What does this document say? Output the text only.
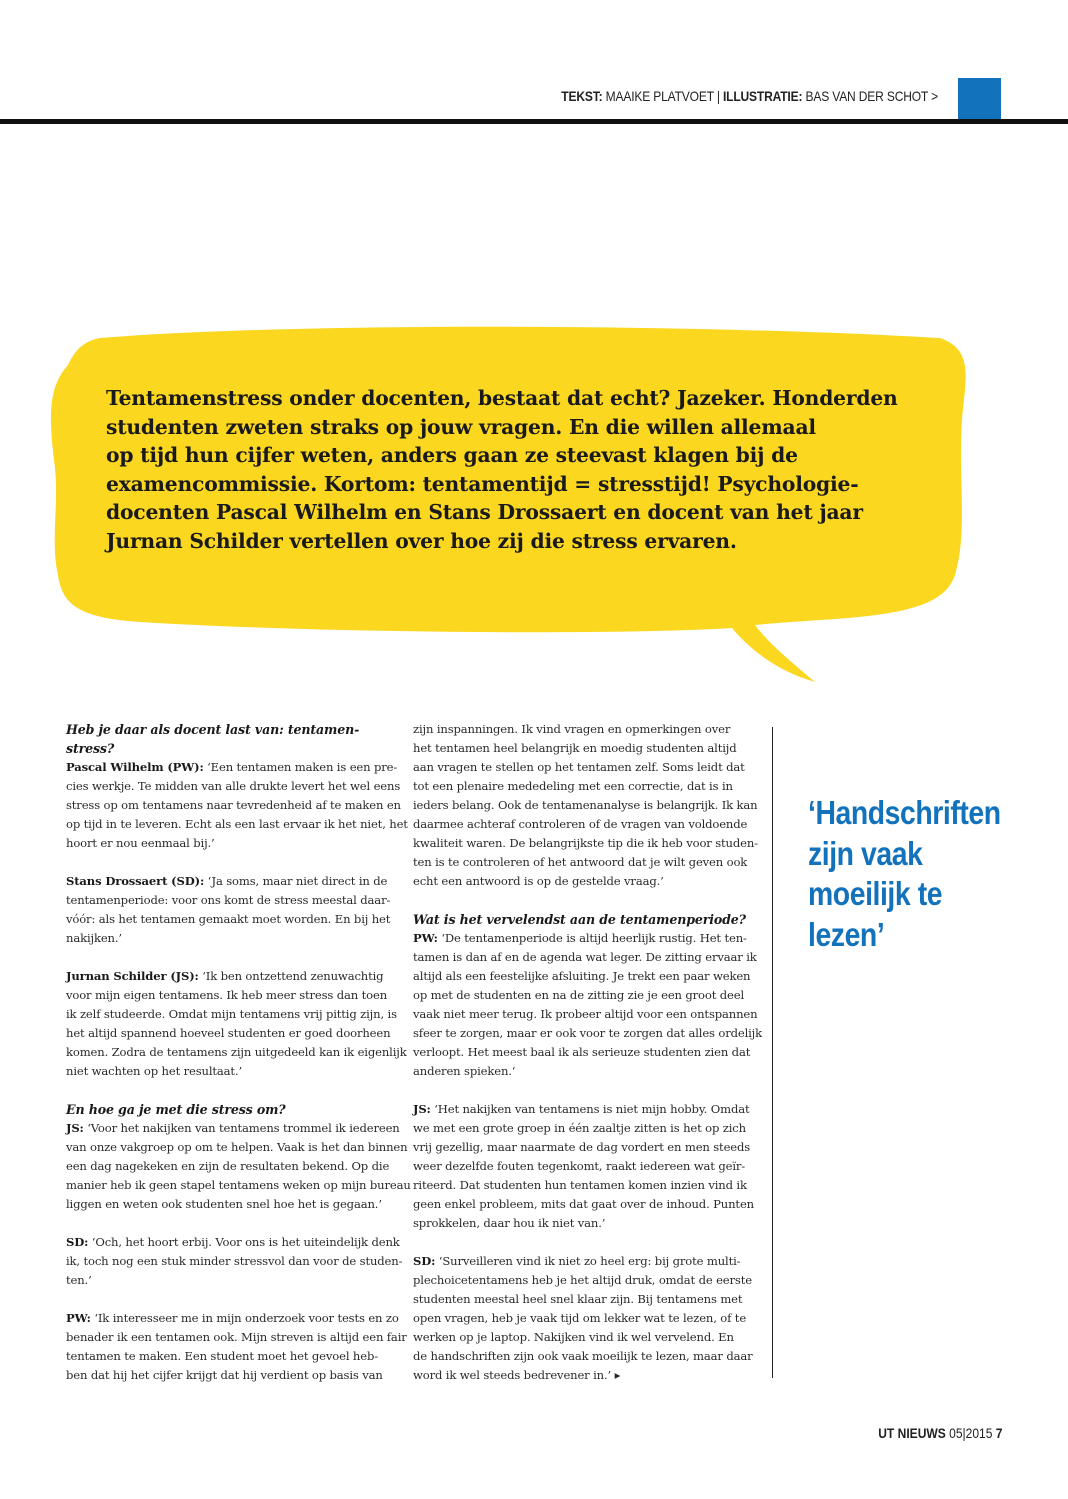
TEKST: MAAIKE PLATVOET | ILLUSTRATIE: BAS VAN DER SCHOT >
Tentamenstress onder docenten, bestaat dat echt? Jazeker. Honderden
studenten zweten straks op jouw vragen. En die willen allemaal
op tijd hun cijfer weten, anders gaan ze steevast klagen bij de
examencommissie. Kortom: tentamentijd = stresstijd! Psychologie-
docenten Pascal Wilhelm en Stans Drossaert en docent van het jaar
Jurnan Schilder vertellen over hoe zij die stress ervaren.
Heb je daar als docent last van: tentamen-
stress?
Pascal Wilhelm (PW): ‘Een tentamen maken is een pre-
cies werkje. Te midden van alle drukte levert het wel eens
stress op om tentamens naar tevredenheid af te maken en
op tijd in te leveren. Echt als een last ervaar ik het niet, het
hoort er nou eenmaal bij.’
Stans Drossaert (SD): ‘Ja soms, maar niet direct in de
tentamenperiode: voor ons komt de stress meestal daar-
vóór: als het tentamen gemaakt moet worden. En bij het
nakijken.’
Jurnan Schilder (JS): ‘Ik ben ontzettend zenuwachtig
voor mijn eigen tentamens. Ik heb meer stress dan toen
ik zelf studeerde. Omdat mijn tentamens vrij pittig zijn, is
het altijd spannend hoeveel studenten er goed doorheen
komen. Zodra de tentamens zijn uitgedeeld kan ik eigenlijk
niet wachten op het resultaat.’
En hoe ga je met die stress om?
JS: ‘Voor het nakijken van tentamens trommel ik iedereen
van onze vakgroep op om te helpen. Vaak is het dan binnen
een dag nagekeken en zijn de resultaten bekend. Op die
manier heb ik geen stapel tentamens weken op mijn bureau
liggen en weten ook studenten snel hoe het is gegaan.’
SD: ‘Och, het hoort erbij. Voor ons is het uiteindelijk denk
ik, toch nog een stuk minder stressvol dan voor de studen-
ten.’
PW: ‘Ik interesseer me in mijn onderzoek voor tests en zo
benader ik een tentamen ook. Mijn streven is altijd een fair
tentamen te maken. Een student moet het gevoel heb-
ben dat hij het cijfer krijgt dat hij verdient op basis van
zijn inspanningen. Ik vind vragen en opmerkingen over
het tentamen heel belangrijk en moedig studenten altijd
aan vragen te stellen op het tentamen zelf. Soms leidt dat
tot een plenaire mededeling met een correctie, dat is in
ieders belang. Ook de tentamenanalyse is belangrijk. Ik kan
daarmee achteraf controleren of de vragen van voldoende
kwaliteit waren. De belangrijkste tip die ik heb voor studen-
ten is te controleren of het antwoord dat je wilt geven ook
echt een antwoord is op de gestelde vraag.’
Wat is het vervelendst aan de tentamenperiode?
PW: ‘De tentamenperiode is altijd heerlijk rustig. Het ten-
tamen is dan af en de agenda wat leger. De zitting ervaar ik
altijd als een feestelijke afsluiting. Je trekt een paar weken
op met de studenten en na de zitting zie je een groot deel
vaak niet meer terug. Ik probeer altijd voor een ontspannen
sfeer te zorgen, maar er ook voor te zorgen dat alles ordelijk
verloopt. Het meest baal ik als serieuze studenten zien dat
anderen spieken.‘
JS: ‘Het nakijken van tentamens is niet mijn hobby. Omdat
we met een grote groep in één zaaltje zitten is het op zich
vrij gezellig, maar naarmate de dag vordert en men steeds
weer dezelfde fouten tegenkomt, raakt iedereen wat geïr-
riteerd. Dat studenten hun tentamen komen inzien vind ik
geen enkel probleem, mits dat gaat over de inhoud. Punten
sprokkelen, daar hou ik niet van.’
SD: ‘Surveilleren vind ik niet zo heel erg: bij grote multi-
plechoicetentamens heb je het altijd druk, omdat de eerste
studenten meestal heel snel klaar zijn. Bij tentamens met
open vragen, heb je vaak tijd om lekker wat te lezen, of te
werken op je laptop. Nakijken vind ik wel vervelend. En
de handschriften zijn ook vaak moeilijk te lezen, maar daar
word ik wel steeds bedrevener in.’ ▸
‘Handschriften
zijn vaak
moeilijk te
lezen’
UT NIEUWS 05|2015 7
